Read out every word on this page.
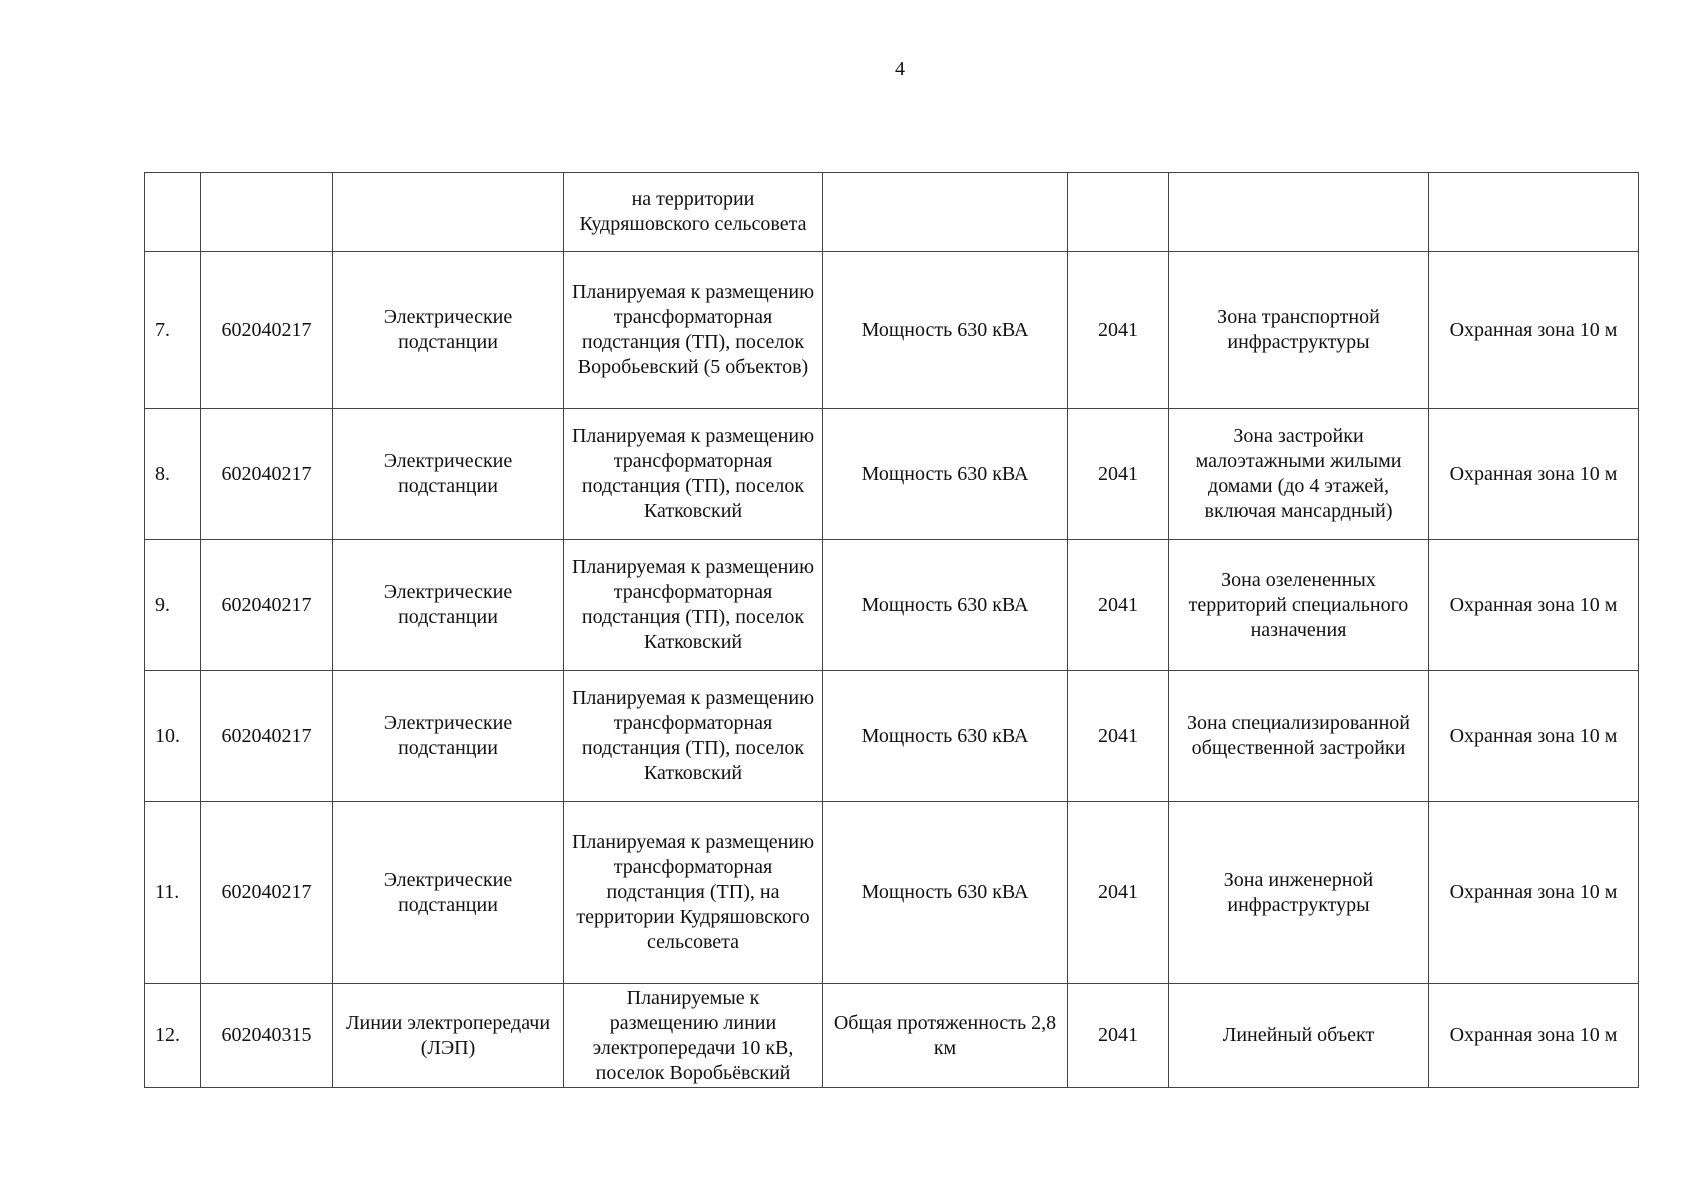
4
			на территории Кудряшовского сельсовета				
7.	602040217	Электрические подстанции	Планируемая к размещению трансформаторная подстанция (ТП), поселок Воробьевский (5 объектов)	Мощность 630 кВА	2041	Зона транспортной инфраструктуры	Охранная зона 10 м
8.	602040217	Электрические подстанции	Планируемая к размещению трансформаторная подстанция (ТП), поселок Катковский	Мощность 630 кВА	2041	Зона застройки малоэтажными жилыми домами (до 4 этажей, включая мансардный)	Охранная зона 10 м
9.	602040217	Электрические подстанции	Планируемая к размещению трансформаторная подстанция (ТП), поселок Катковский	Мощность 630 кВА	2041	Зона озелененных территорий специального назначения	Охранная зона 10 м
10.	602040217	Электрические подстанции	Планируемая к размещению трансформаторная подстанция (ТП), поселок Катковский	Мощность 630 кВА	2041	Зона специализированной общественной застройки	Охранная зона 10 м
11.	602040217	Электрические подстанции	Планируемая к размещению трансформаторная подстанция (ТП), на территории Кудряшовского сельсовета	Мощность 630 кВА	2041	Зона инженерной инфраструктуры	Охранная зона 10 м
12.	602040315	Линии электропередачи (ЛЭП)	Планируемые к размещению линии электропередачи 10 кВ, поселок Воробьёвский	Общая протяженность 2,8 км	2041	Линейный объект	Охранная зона 10 м
